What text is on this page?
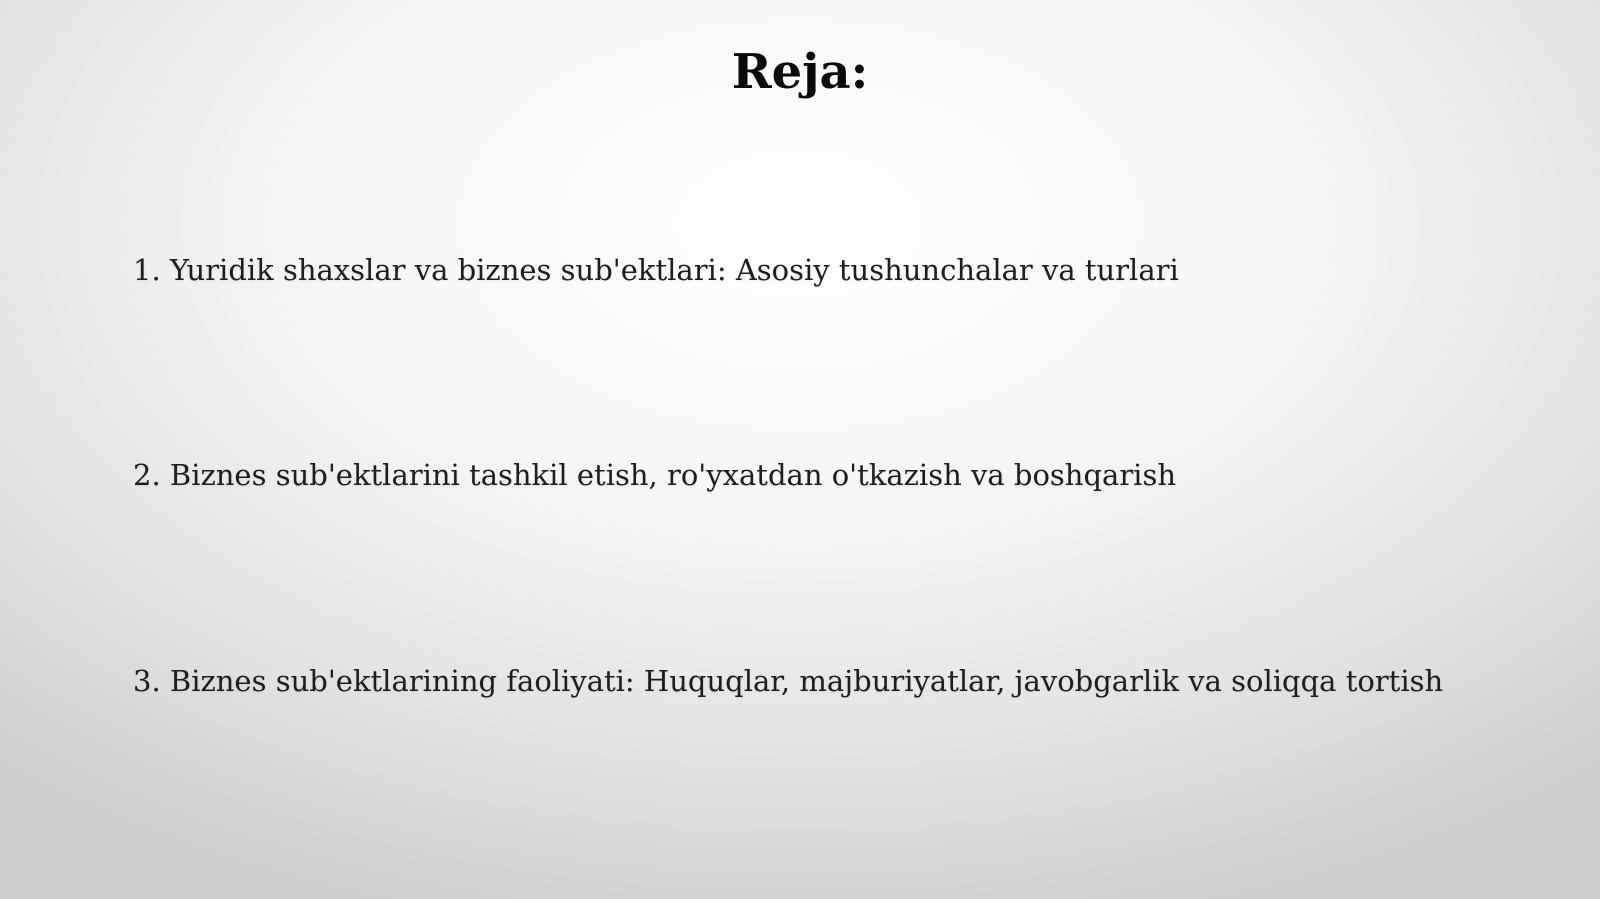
Reja:
1. Yuridik shaxslar va biznes sub'ektlari: Asosiy tushunchalar va turlari
2. Biznes sub'ektlarini tashkil etish, ro'yxatdan o'tkazish va boshqarish
3. Biznes sub'ektlarining faoliyati: Huquqlar, majburiyatlar, javobgarlik va soliqqa tortish
